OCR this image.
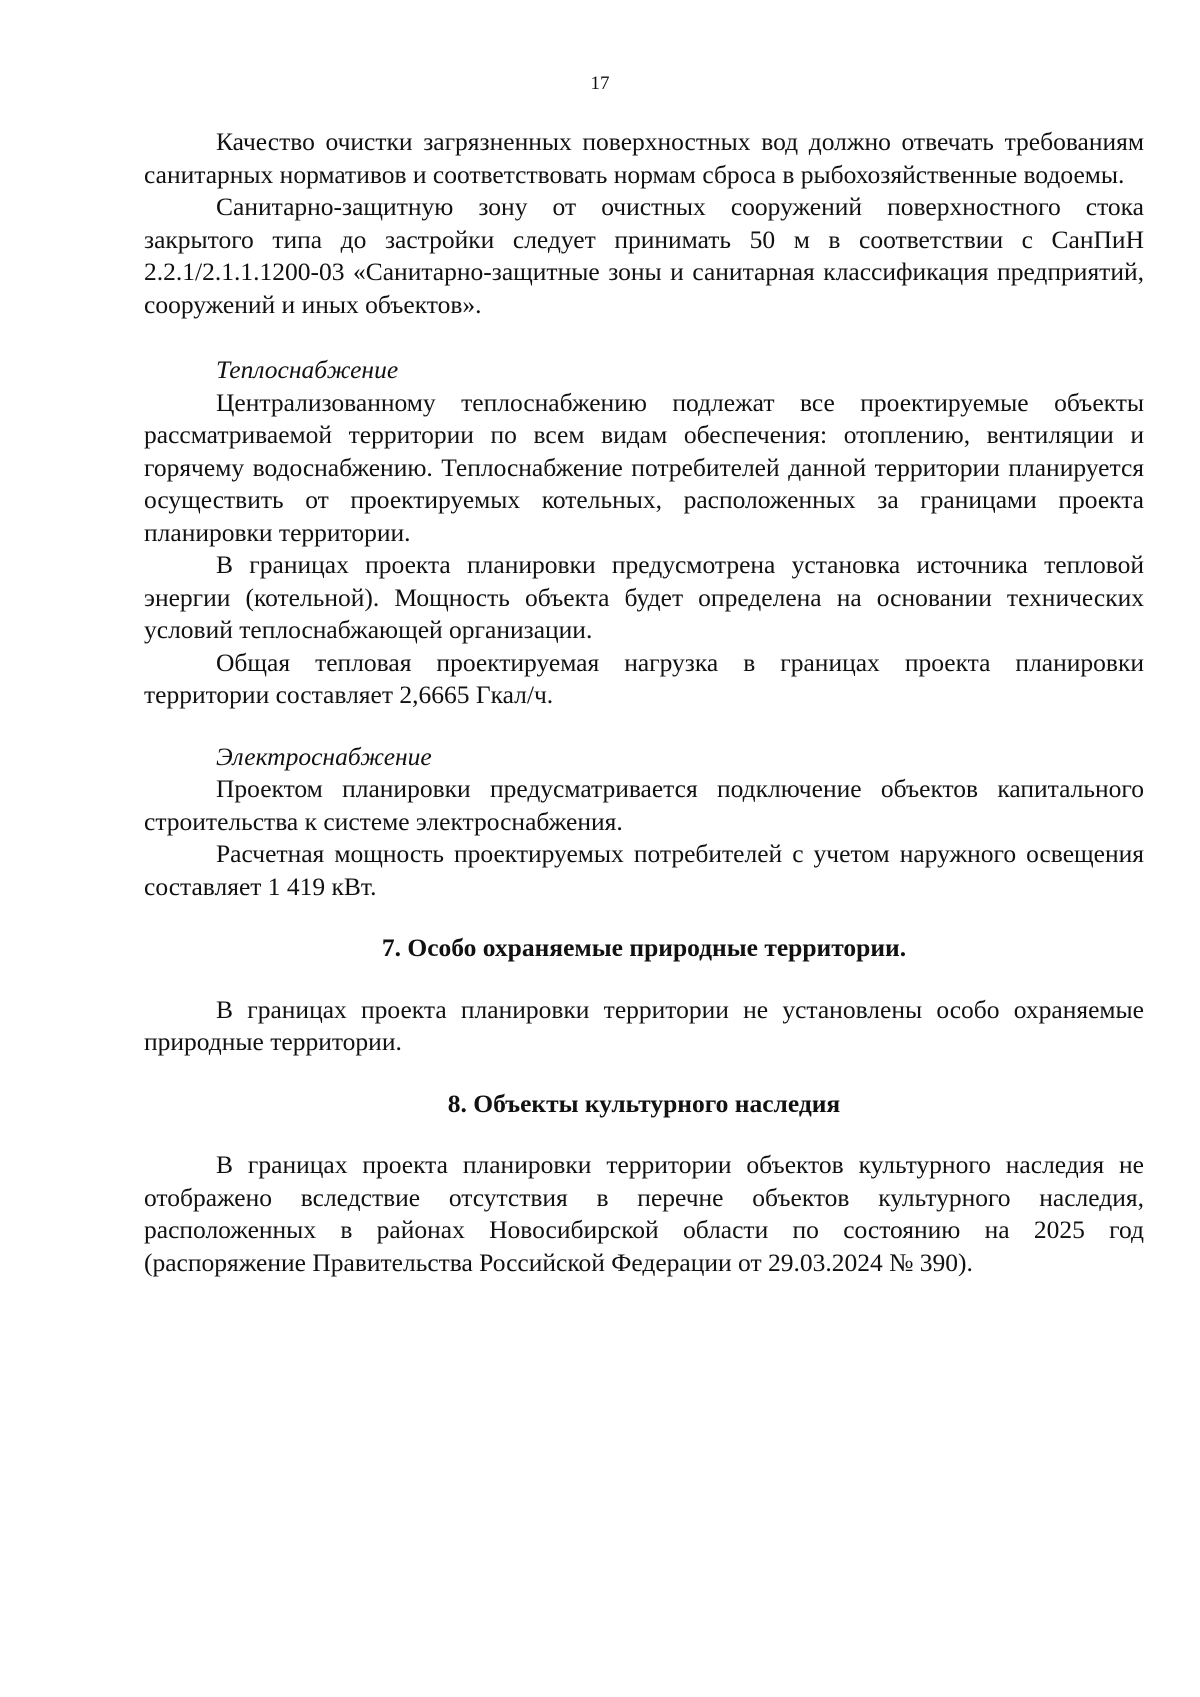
17

Качество очистки загрязненных поверхностных вод должно отвечать требованиям санитарных нормативов и соответствовать нормам сброса в рыбохозяйственные водоемы.

Санитарно-защитную зону от очистных сооружений поверхностного стока закрытого типа до застройки следует принимать 50 м в соответствии с СанПиН 2.2.1/2.1.1.1200-03 «Санитарно-защитные зоны и санитарная классификация предприятий, сооружений и иных объектов».

Теплоснабжение

Централизованному теплоснабжению подлежат все проектируемые объекты рассматриваемой территории по всем видам обеспечения: отоплению, вентиляции и горячему водоснабжению. Теплоснабжение потребителей данной территории планируется осуществить от проектируемых котельных, расположенных за границами проекта планировки территории.

В границах проекта планировки предусмотрена установка источника тепловой энергии (котельной). Мощность объекта будет определена на основании технических условий теплоснабжающей организации.

Общая тепловая проектируемая нагрузка в границах проекта планировки территории составляет 2,6665 Гкал/ч.

Электроснабжение

Проектом планировки предусматривается подключение объектов капитального строительства к системе электроснабжения.

Расчетная мощность проектируемых потребителей с учетом наружного освещения составляет 1 419 кВт.

7. Особо охраняемые природные территории.

В границах проекта планировки территории не установлены особо охраняемые природные территории.

8. Объекты культурного наследия

В границах проекта планировки территории объектов культурного наследия не отображено вследствие отсутствия в перечне объектов культурного наследия, расположенных в районах Новосибирской области по состоянию на 2025 год (распоряжение Правительства Российской Федерации от 29.03.2024 № 390).
